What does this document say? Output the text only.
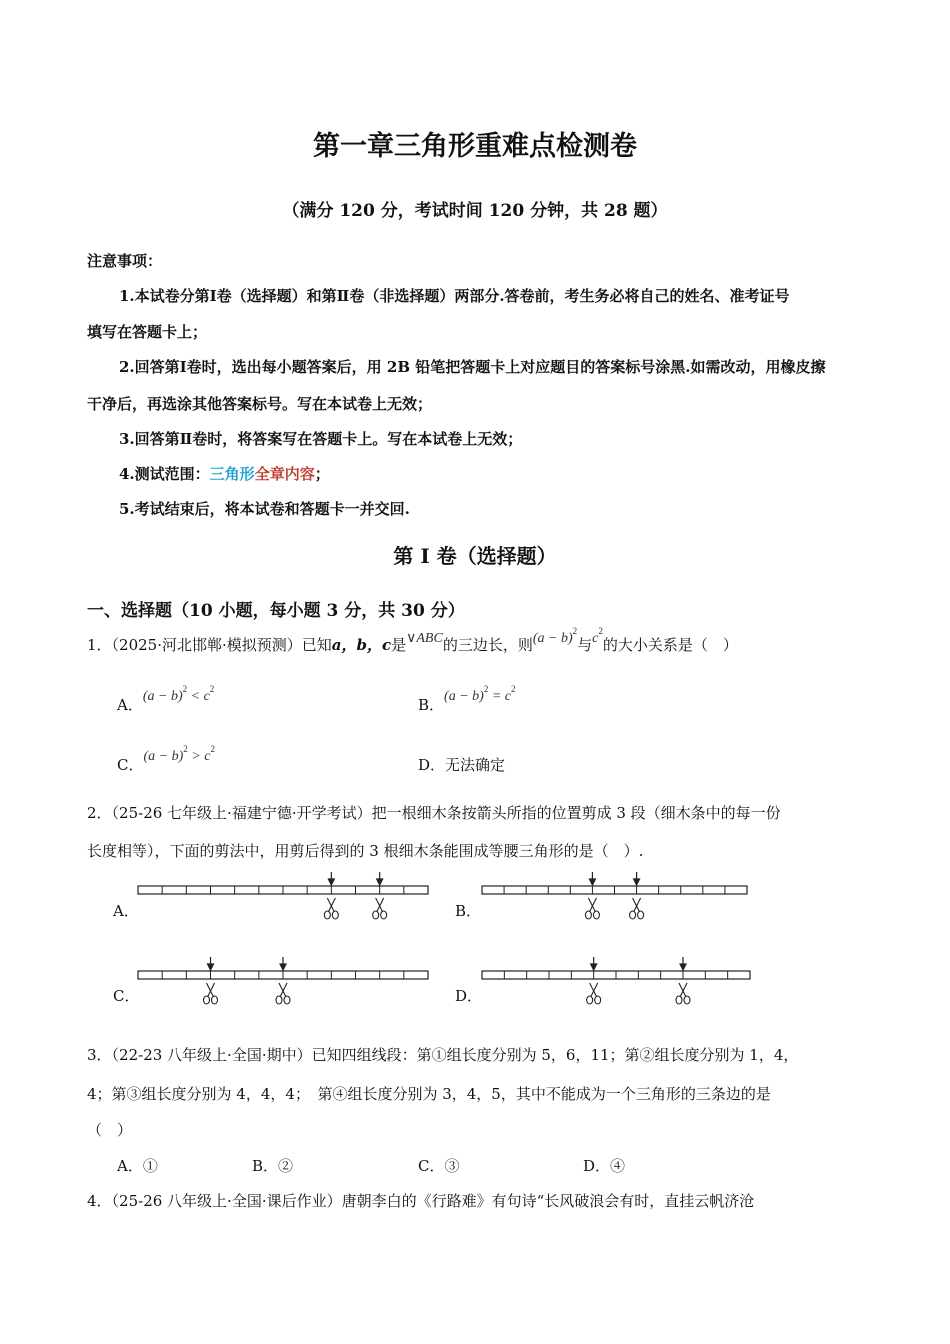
第一章三角形重难点检测卷
（满分 120 分，考试时间 120 分钟，共 28 题）
注意事项：
1.本试卷分第Ⅰ卷（选择题）和第Ⅱ卷（非选择题）两部分.答卷前，考生务必将自己的姓名、准考证号
填写在答题卡上；
2.回答第Ⅰ卷时，选出每小题答案后，用 2B 铅笔把答题卡上对应题目的答案标号涂黑.如需改动，用橡皮擦
干净后，再选涂其他答案标号。写在本试卷上无效；
3.回答第Ⅱ卷时，将答案写在答题卡上。写在本试卷上无效；
4.测试范围：三角形全章内容；
5.考试结束后，将本试卷和答题卡一并交回.
第 I 卷（选择题）
一、选择题（10 小题，每小题 3 分，共 30 分）
1．（2025·河北邯郸·模拟预测）已知a，b，c是∨ABC的三边长，则$(a - b)^2$与$c^2$的大小关系是（　）
A．$(a - b)^2 < c^2$
B．$(a - b)^2 = c^2$
C．$(a - b)^2 > c^2$
D．无法确定
2．（25-26 七年级上·福建宁德·开学考试）把一根细木条按箭头所指的位置剪成 3 段（细木条中的每一份
长度相等），下面的剪法中，用剪后得到的 3 根细木条能围成等腰三角形的是（　）.
A．	B．
C．	D．
3．（22-23 八年级上·全国·期中）已知四组线段：第①组长度分别为 5，6，11；第②组长度分别为 1，4，
4；第③组长度分别为 4，4，4；　第④组长度分别为 3，4，5，其中不能成为一个三角形的三条边的是
（　）
A．①	B．②	C．③	D．④
4．（25-26 八年级上·全国·课后作业）唐朝李白的《行路难》有句诗“长风破浪会有时，直挂云帆济沧
